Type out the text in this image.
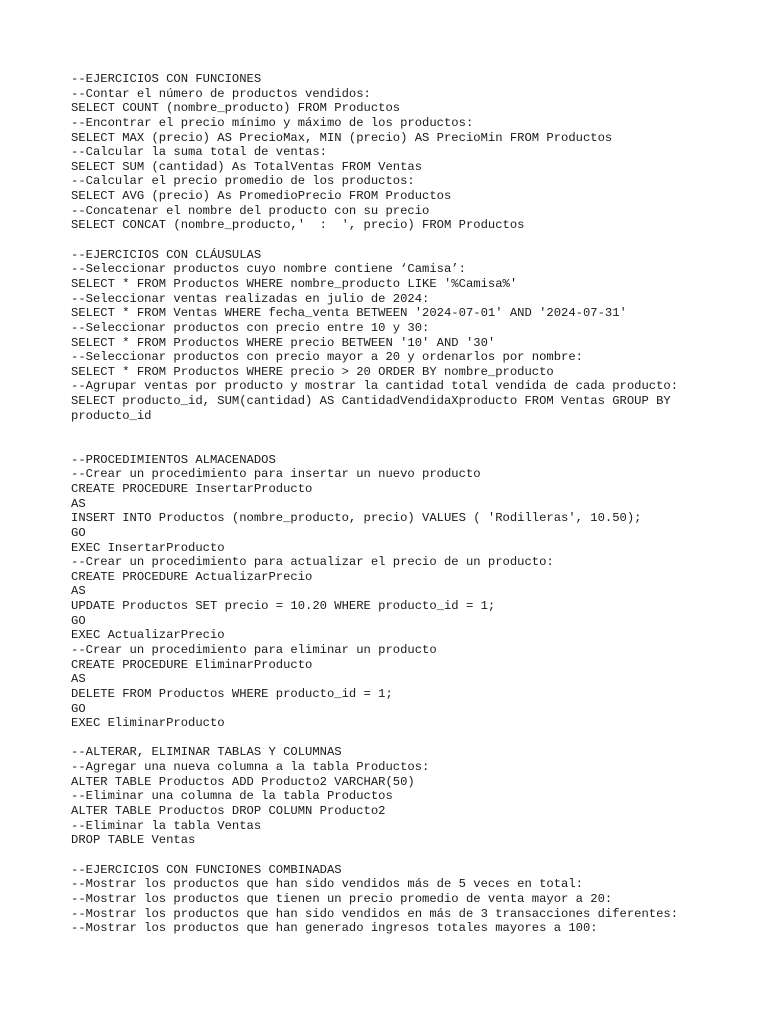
--EJERCICIOS CON FUNCIONES
--Contar el número de productos vendidos:
SELECT COUNT (nombre_producto) FROM Productos
--Encontrar el precio mínimo y máximo de los productos:
SELECT MAX (precio) AS PrecioMax, MIN (precio) AS PrecioMin FROM Productos
--Calcular la suma total de ventas:
SELECT SUM (cantidad) As TotalVentas FROM Ventas
--Calcular el precio promedio de los productos:
SELECT AVG (precio) As PromedioPrecio FROM Productos
--Concatenar el nombre del producto con su precio
SELECT CONCAT (nombre_producto,'  :  ', precio) FROM Productos
--EJERCICIOS CON CLÁUSULAS
--Seleccionar productos cuyo nombre contiene ‘Camisa’:
SELECT * FROM Productos WHERE nombre_producto LIKE '%Camisa%'
--Seleccionar ventas realizadas en julio de 2024:
SELECT * FROM Ventas WHERE fecha_venta BETWEEN '2024-07-01' AND '2024-07-31'
--Seleccionar productos con precio entre 10 y 30:
SELECT * FROM Productos WHERE precio BETWEEN '10' AND '30'
--Seleccionar productos con precio mayor a 20 y ordenarlos por nombre:
SELECT * FROM Productos WHERE precio > 20 ORDER BY nombre_producto
--Agrupar ventas por producto y mostrar la cantidad total vendida de cada producto:
SELECT producto_id, SUM(cantidad) AS CantidadVendidaXproducto FROM Ventas GROUP BY
producto_id
--PROCEDIMIENTOS ALMACENADOS
--Crear un procedimiento para insertar un nuevo producto
CREATE PROCEDURE InsertarProducto
AS
INSERT INTO Productos (nombre_producto, precio) VALUES ( 'Rodilleras', 10.50);
GO
EXEC InsertarProducto
--Crear un procedimiento para actualizar el precio de un producto:
CREATE PROCEDURE ActualizarPrecio
AS
UPDATE Productos SET precio = 10.20 WHERE producto_id = 1;
GO
EXEC ActualizarPrecio
--Crear un procedimiento para eliminar un producto
CREATE PROCEDURE EliminarProducto
AS
DELETE FROM Productos WHERE producto_id = 1;
GO
EXEC EliminarProducto
--ALTERAR, ELIMINAR TABLAS Y COLUMNAS
--Agregar una nueva columna a la tabla Productos:
ALTER TABLE Productos ADD Producto2 VARCHAR(50)
--Eliminar una columna de la tabla Productos
ALTER TABLE Productos DROP COLUMN Producto2
--Eliminar la tabla Ventas
DROP TABLE Ventas
--EJERCICIOS CON FUNCIONES COMBINADAS
--Mostrar los productos que han sido vendidos más de 5 veces en total:
--Mostrar los productos que tienen un precio promedio de venta mayor a 20:
--Mostrar los productos que han sido vendidos en más de 3 transacciones diferentes:
--Mostrar los productos que han generado ingresos totales mayores a 100:
